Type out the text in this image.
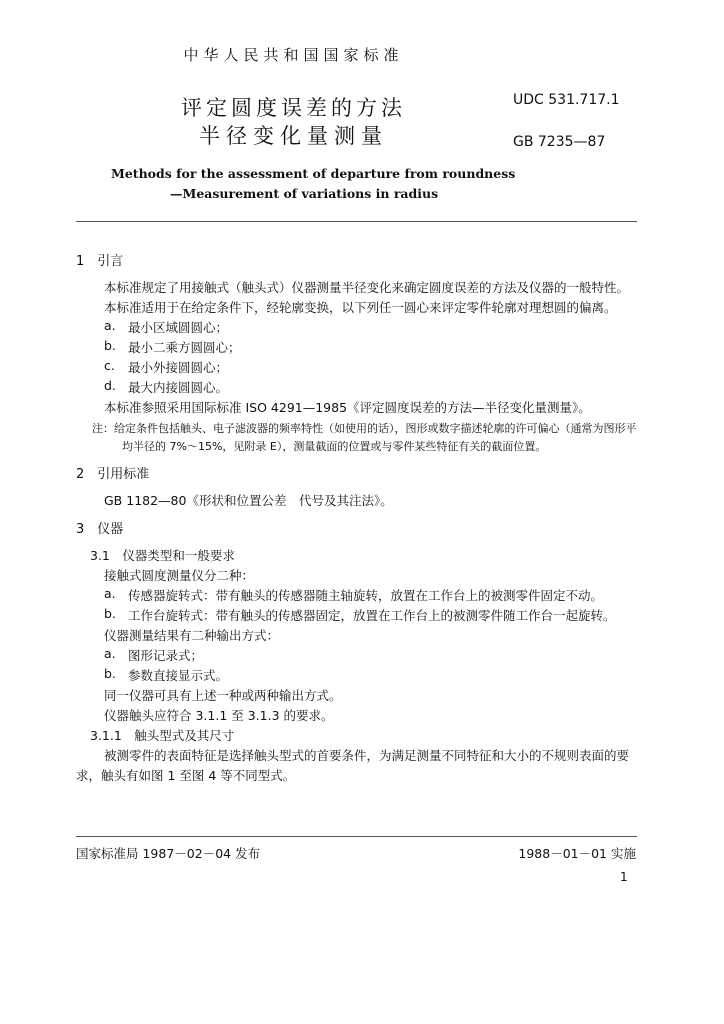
中华人民共和国国家标准
评定圆度误差的方法
半径变化量测量
UDC 531.717.1
GB 7235—87
Methods for the assessment of departure from roundness
—Measurement of variations in radius
1　引言
本标准规定了用接触式（触头式）仪器测量半径变化来确定圆度误差的方法及仪器的一般特性。
本标准适用于在给定条件下，经轮廓变换，以下列任一圆心来评定零件轮廓对理想圆的偏离。
a. 最小区域圆圆心；
b. 最小二乘方圆圆心；
c. 最小外接圆圆心；
d. 最大内接圆圆心。
本标准参照采用国际标准 ISO 4291—1985《评定圆度误差的方法—半径变化量测量》。
注：给定条件包括触头、电子滤波器的频率特性（如使用的话），图形或数字描述轮廓的许可偏心（通常为图形平
均半径的 7%～15%，见附录 E），测量截面的位置或与零件某些特征有关的截面位置。
2　引用标准
GB 1182—80《形状和位置公差　代号及其注法》。
3　仪器
3.1　仪器类型和一般要求
接触式圆度测量仪分二种：
a. 传感器旋转式：带有触头的传感器随主轴旋转，放置在工作台上的被测零件固定不动。
b. 工作台旋转式：带有触头的传感器固定，放置在工作台上的被测零件随工作台一起旋转。
仪器测量结果有二种输出方式：
a. 图形记录式；
b. 参数直接显示式。
同一仪器可具有上述一种或两种输出方式。
仪器触头应符合 3.1.1 至 3.1.3 的要求。
3.1.1　触头型式及其尺寸
被测零件的表面特征是选择触头型式的首要条件，为满足测量不同特征和大小的不规则表面的要
求，触头有如图 1 至图 4 等不同型式。
国家标准局 1987－02－04 发布	1988－01－01 实施
1
